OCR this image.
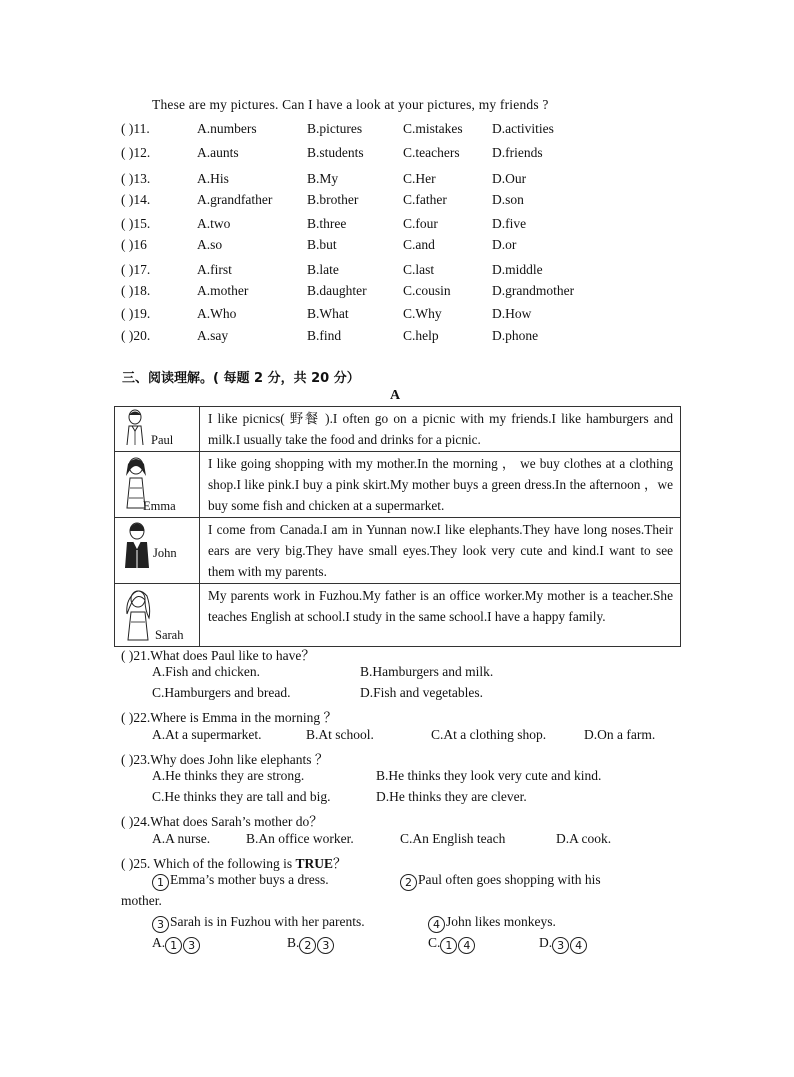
These are my pictures. Can I have a look at your pictures, my friends ?
( )11.	A.numbers	B.pictures	C.mistakes D.activities
( )12.	A.aunts	B.students	C.teachers D.friends
( )13.	A.His	B.My	C.Her	D.Our
( )14.	A.grandfather	B.brother	C.father	D.son
( )15.	A.two	B.three	C.four	D.five
( )16	A.so	B.but	C.and	D.or
( )17.	A.first	B.late	C.last	D.middle
( )18.	A.mother	B.daughter	C.cousin	D.grandmother
( )19.	A.Who	B.What	C.Why	D.How
( )20.	A.say	B.find	C.help	D.phone
三、阅读理解。( 每题 2 分，共 20 分）
A
Paul	I like picnics( 野餐 ).I often go on a picnic with my friends.I like hamburgers and milk.I usually take the food and drinks for a picnic.

Emma	I like going shopping with my mother.In the morning ， we buy clothes at a clothing shop.I like pink.I buy a pink skirt.My mother buys a green dress.In the afternoon ，we buy some fish and chicken at a supermarket.

John	I come from Canada.I am in Yunnan now.I like elephants.They have long noses.Their ears are very big.They have small eyes.They look very cute and kind.I want to see them with my parents.

Sarah	My parents work in Fuzhou.My father is an office worker.My mother is a teacher.She teaches English at school.I study in the same school.I have a happy family.
( )21.What does Paul like to have？
A.Fish and chicken.	B.Hamburgers and milk.
C.Hamburgers and bread.	D.Fish and vegetables.
( )22.Where is Emma in the morning ？
A.At a supermarket.	B.At school.	C.At a clothing shop.	D.On a farm.
( )23.Why does John like elephants ？
A.He thinks they are strong.	B.He thinks they look very cute and kind.
C.He thinks they are tall and big.	D.He thinks they are clever.
( )24.What does Sarah’s mother do？
A.A nurse.	B.An office worker.	C.An English teach	D.A cook.
( )25. Which of the following is TRUE？
1 Emma’s mother buys a dress.	2 Paul often goes shopping with his
mother.
3 Sarah is in Fuzhou with her parents.	4 John likes monkeys.
A. 1 3	B. 2 3	C. 1 4	D. 3 4
